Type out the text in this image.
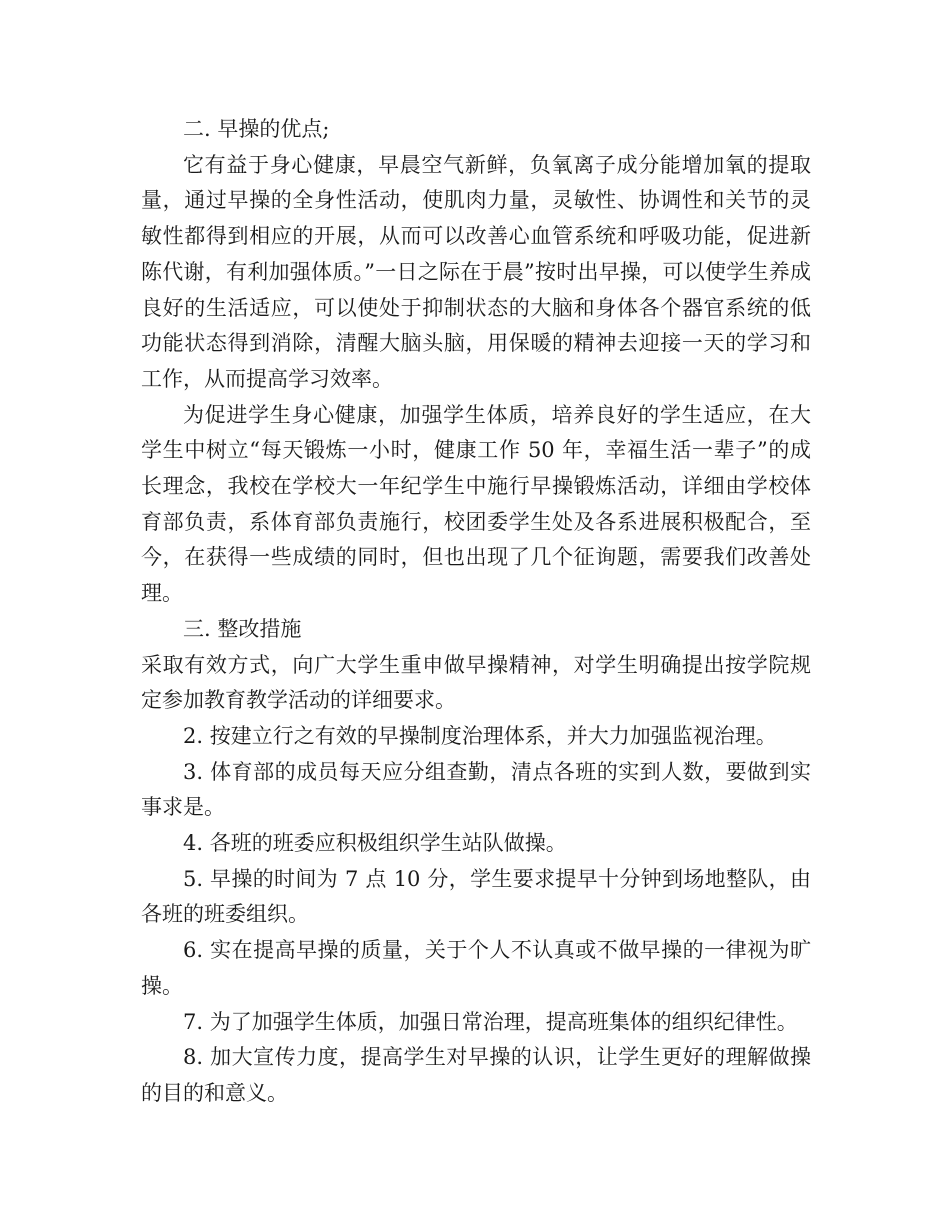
二. 早操的优点;

它有益于身心健康，早晨空气新鲜，负氧离子成分能增加氧的提取量，通过早操的全身性活动，使肌肉力量，灵敏性、协调性和关节的灵敏性都得到相应的开展，从而可以改善心血管系统和呼吸功能，促进新陈代谢，有利加强体质。”一日之际在于晨”按时出早操，可以使学生养成良好的生活适应，可以使处于抑制状态的大脑和身体各个器官系统的低功能状态得到消除，清醒大脑头脑，用保暖的精神去迎接一天的学习和工作，从而提高学习效率。

为促进学生身心健康，加强学生体质，培养良好的学生适应，在大学生中树立“每天锻炼一小时，健康工作 50 年，幸福生活一辈子”的成长理念，我校在学校大一年纪学生中施行早操锻炼活动，详细由学校体育部负责，系体育部负责施行，校团委学生处及各系进展积极配合，至今，在获得一些成绩的同时，但也出现了几个征询题，需要我们改善处理。

三. 整改措施

采取有效方式，向广大学生重申做早操精神，对学生明确提出按学院规定参加教育教学活动的详细要求。

2. 按建立行之有效的早操制度治理体系，并大力加强监视治理。

3. 体育部的成员每天应分组查勤，清点各班的实到人数，要做到实事求是。

4. 各班的班委应积极组织学生站队做操。

5. 早操的时间为 7 点 10 分，学生要求提早十分钟到场地整队，由各班的班委组织。

6. 实在提高早操的质量，关于个人不认真或不做早操的一律视为旷操。

7. 为了加强学生体质，加强日常治理，提高班集体的组织纪律性。

8. 加大宣传力度，提高学生对早操的认识，让学生更好的理解做操的目的和意义。
